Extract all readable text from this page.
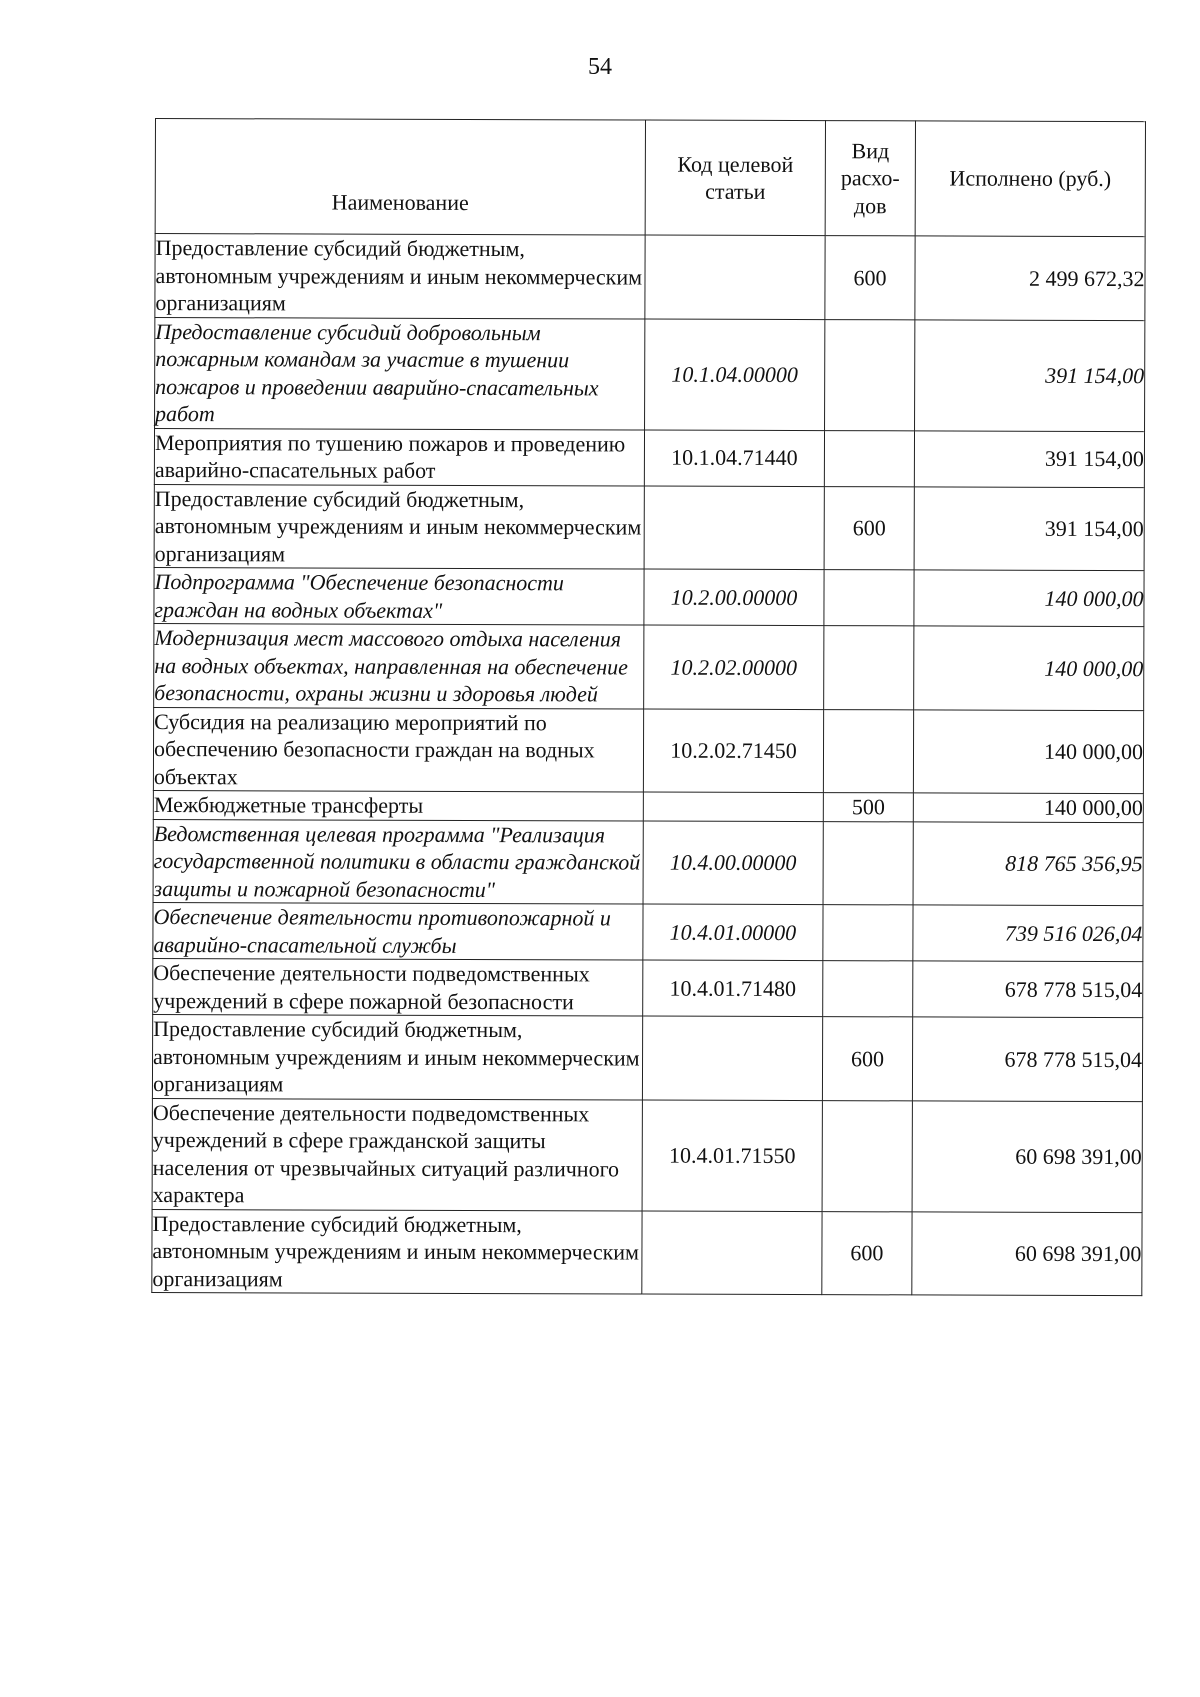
54
Наименование	Код целевой статьи	Вид расхо-дов	Исполнено (руб.)
Предоставление субсидий бюджетным, автономным учреждениям и иным некоммерческим организациям		600	2 499 672,32
Предоставление субсидий добровольным пожарным командам за участие в тушении пожаров и проведении аварийно-спасательных работ	10.1.04.00000		391 154,00
Мероприятия по тушению пожаров и проведению аварийно-спасательных работ	10.1.04.71440		391 154,00
Предоставление субсидий бюджетным, автономным учреждениям и иным некоммерческим организациям		600	391 154,00
Подпрограмма "Обеспечение безопасности граждан на водных объектах"	10.2.00.00000		140 000,00
Модернизация мест массового отдыха населения на водных объектах, направленная на обеспечение безопасности, охраны жизни и здоровья людей	10.2.02.00000		140 000,00
Субсидия на реализацию мероприятий по обеспечению безопасности граждан на водных объектах	10.2.02.71450		140 000,00
Межбюджетные трансферты		500	140 000,00
Ведомственная целевая программа "Реализация государственной политики в области гражданской защиты и пожарной безопасности"	10.4.00.00000		818 765 356,95
Обеспечение деятельности противопожарной и аварийно-спасательной службы	10.4.01.00000		739 516 026,04
Обеспечение деятельности подведомственных учреждений в сфере пожарной безопасности	10.4.01.71480		678 778 515,04
Предоставление субсидий бюджетным, автономным учреждениям и иным некоммерческим организациям		600	678 778 515,04
Обеспечение деятельности подведомственных учреждений в сфере гражданской защиты населения от чрезвычайных ситуаций различного характера	10.4.01.71550		60 698 391,00
Предоставление субсидий бюджетным, автономным учреждениям и иным некоммерческим организациям		600	60 698 391,00
